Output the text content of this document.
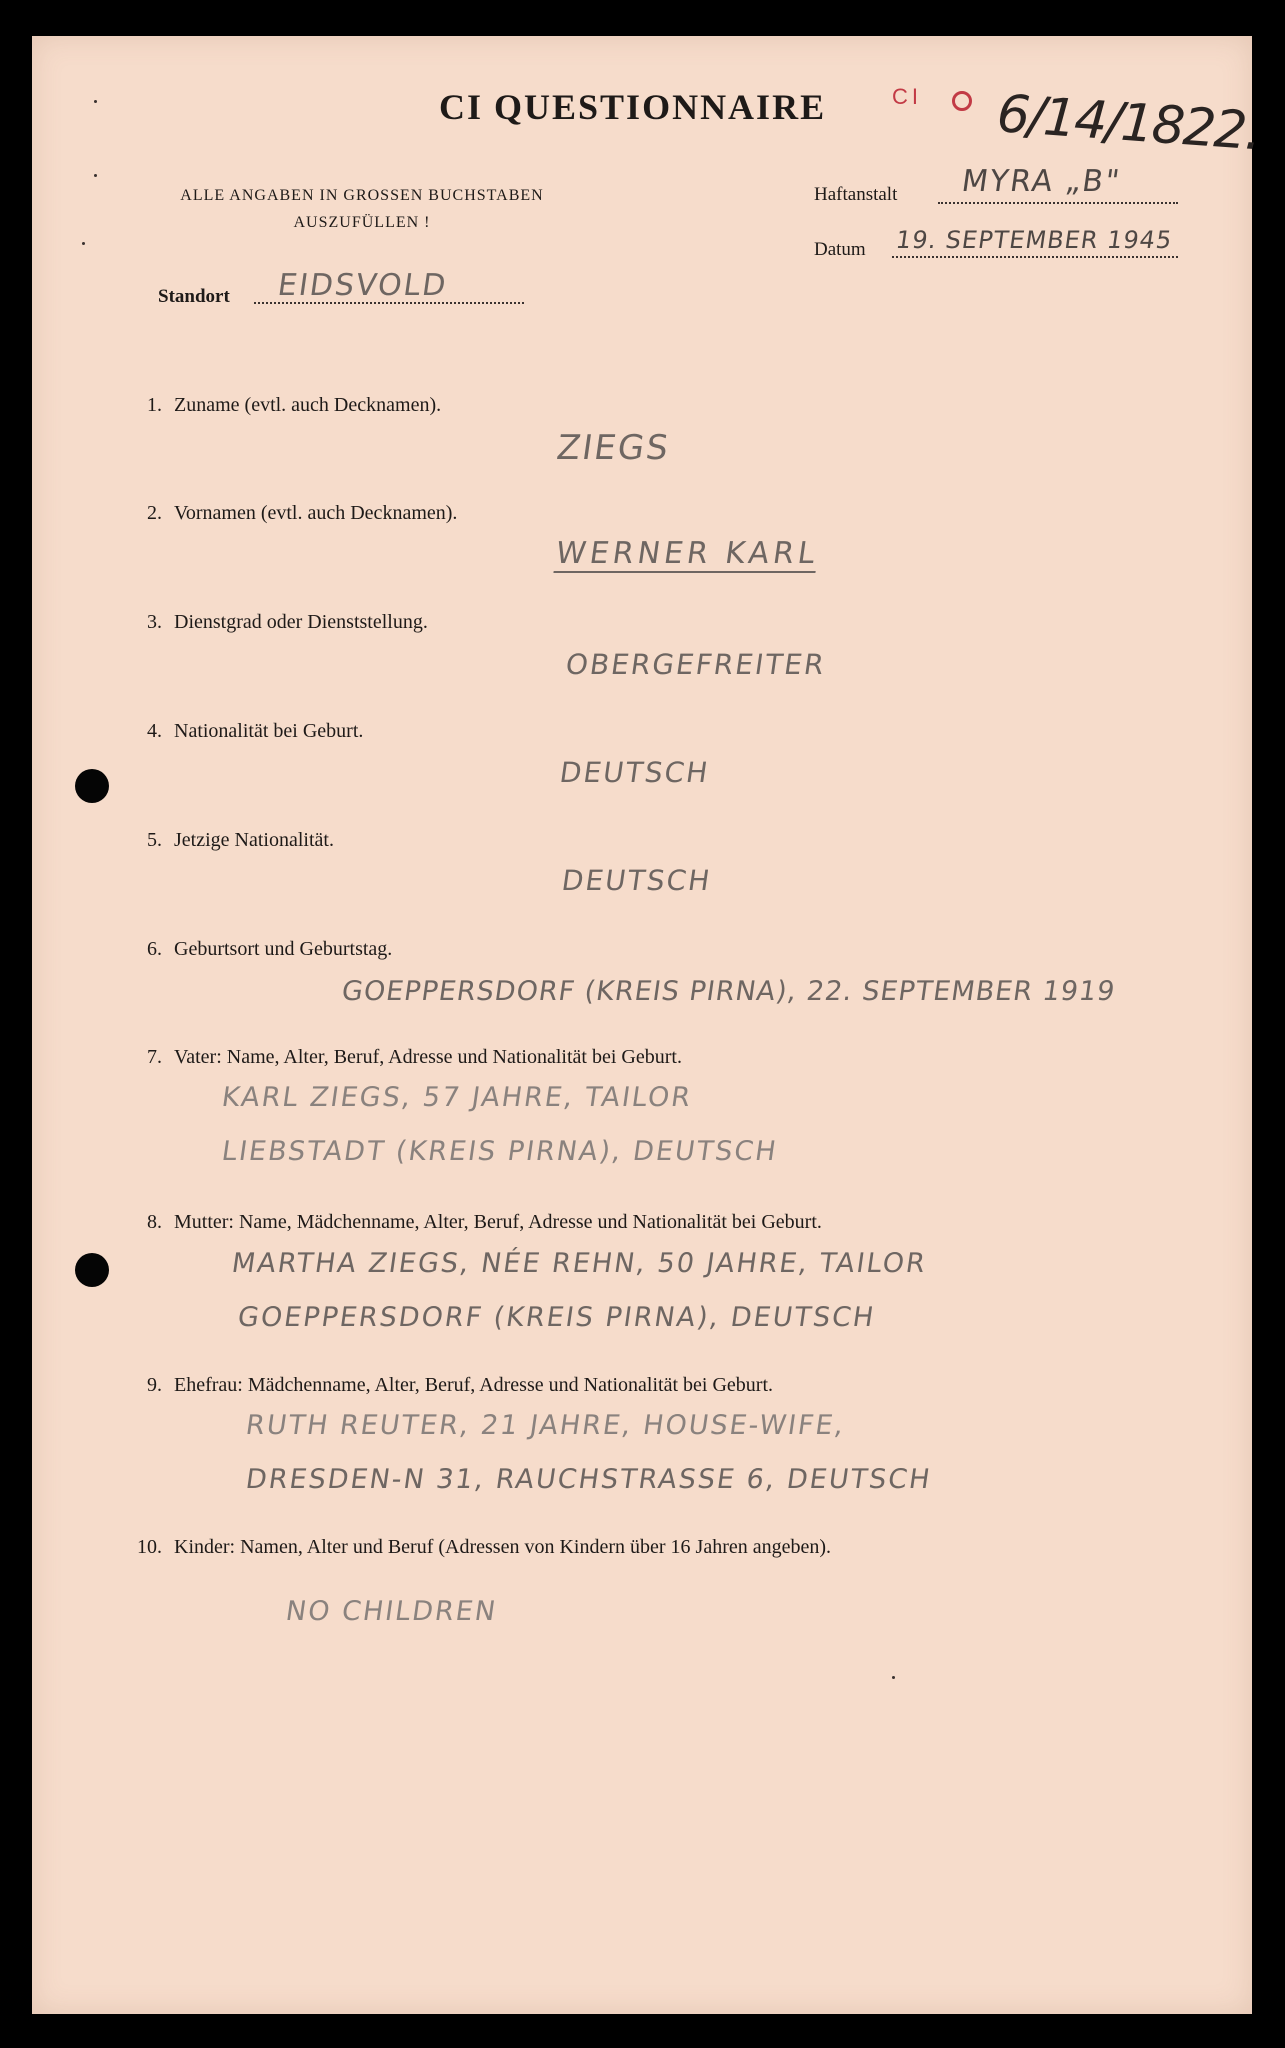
CI QUESTIONNAIRE	CI 6/14/1822.
ALLE ANGABEN IN GROSSEN BUCHSTABEN
AUSZUFÜLLEN !
Haftanstalt MYRA „B"
Datum 19. SEPTEMBER 1945
Standort EIDSVOLD
1. Zuname (evtl. auch Decknamen).
ZIEGS
2. Vornamen (evtl. auch Decknamen).
WERNER KARL
3. Dienstgrad oder Dienststellung.
OBERGEFREITER
4. Nationalität bei Geburt.
DEUTSCH
5. Jetzige Nationalität.
DEUTSCH
6. Geburtsort und Geburtstag.
GOEPPERSDORF (KREIS PIRNA), 22. SEPTEMBER 1919
7. Vater: Name, Alter, Beruf, Adresse und Nationalität bei Geburt.
KARL ZIEGS, 57 JAHRE, TAILOR
LIEBSTADT (KREIS PIRNA), DEUTSCH
8. Mutter: Name, Mädchenname, Alter, Beruf, Adresse und Nationalität bei Geburt.
MARTHA ZIEGS, NÉE REHN, 50 JAHRE, TAILOR
GOEPPERSDORF (KREIS PIRNA), DEUTSCH
9. Ehefrau: Mädchenname, Alter, Beruf, Adresse und Nationalität bei Geburt.
RUTH REUTER, 21 JAHRE, HOUSE-WIFE,
DRESDEN-N 31, RAUCHSTRASSE 6, DEUTSCH
10. Kinder: Namen, Alter und Beruf (Adressen von Kindern über 16 Jahren angeben).
NO CHILDREN
